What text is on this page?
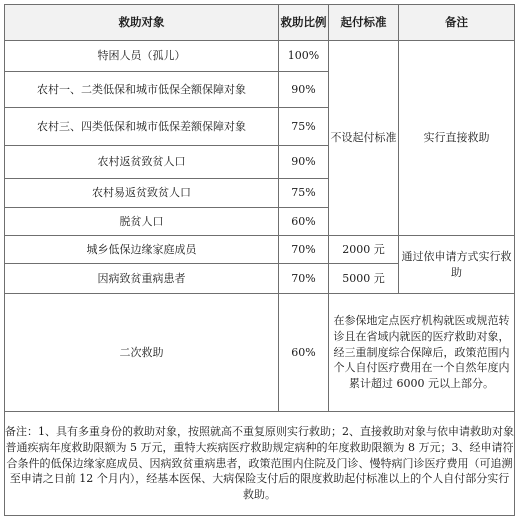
救助对象	救助比例	起付标准	备注
特困人员（孤儿）	100%	不设起付标准	实行直接救助
农村一、二类低保和城市低保全额保障对象	90%		
农村三、四类低保和城市低保差额保障对象	75%		
农村返贫致贫人口	90%		
农村易返贫致贫人口	75%		
脱贫人口	60%		
城乡低保边缘家庭成员	70%	2000 元	通过依申请方式实行救助
因病致贫重病患者	70%	5000 元	
二次救助	60%	在参保地定点医疗机构就医或规范转诊且在省域内就医的医疗救助对象，经三重制度综合保障后，政策范围内个人自付医疗费用在一个自然年度内累计超过 6000 元以上部分。	
备注：1、具有多重身份的救助对象，按照就高不重复原则实行救助；2、直接救助对象与依申请救助对象普通疾病年度救助限额为 5 万元，重特大疾病医疗救助规定病种的年度救助限额为 8 万元；3、经申请符合条件的低保边缘家庭成员、因病致贫重病患者，政策范围内住院及门诊、慢特病门诊医疗费用（可追溯至申请之日前 12 个月内），经基本医保、大病保险支付后的限度救助起付标准以上的个人自付部分实行救助。			
